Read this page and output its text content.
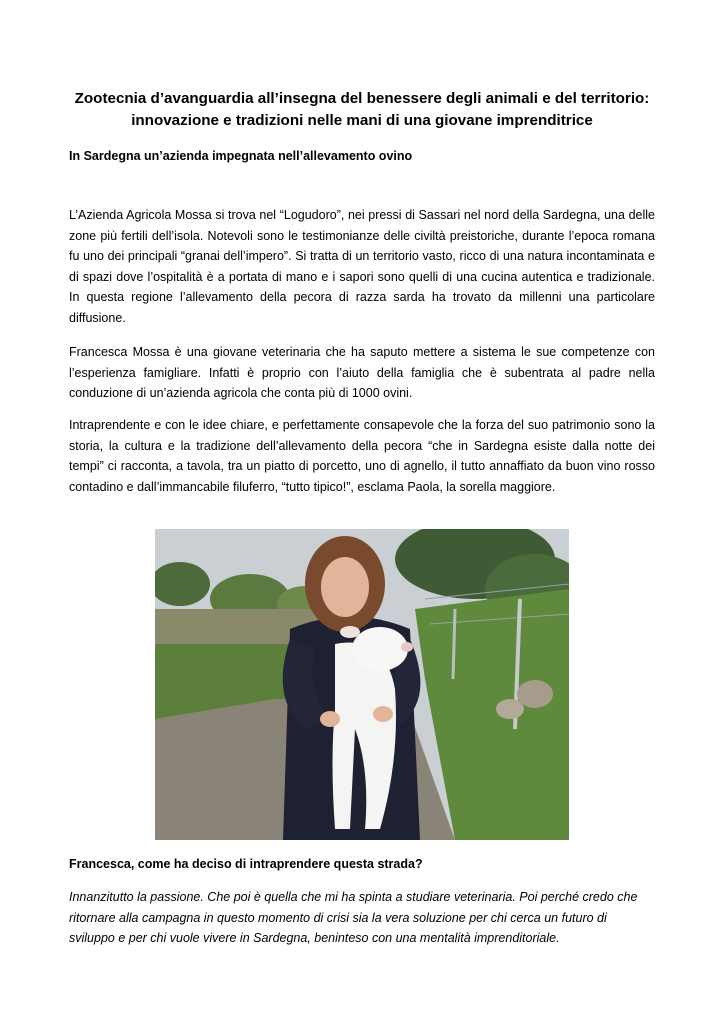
Zootecnia d’avanguardia all’insegna del benessere degli animali e del territorio:
innovazione e tradizioni nelle mani di una giovane imprenditrice
In Sardegna un’azienda impegnata nell’allevamento ovino

L’Azienda Agricola Mossa si trova nel “Logudoro”, nei pressi di Sassari nel nord della Sardegna, una delle zone più fertili dell’isola. Notevoli sono le testimonianze delle civiltà preistoriche, durante l’epoca romana fu uno dei principali “granai dell’impero”. Si tratta di un territorio vasto, ricco di una natura incontaminata e di spazi dove l’ospitalità è a portata di mano e i sapori sono quelli di una cucina autentica e tradizionale. In questa regione l’allevamento della pecora di razza sarda ha trovato da millenni una particolare diffusione.

Francesca Mossa è una giovane veterinaria che ha saputo mettere a sistema le sue competenze con l’esperienza famigliare. Infatti è proprio con l’aiuto della famiglia che è subentrata al padre nella conduzione di un’azienda agricola che conta più di 1000 ovini.

Intraprendente e con le idee chiare, e perfettamente consapevole che la forza del suo patrimonio sono la storia, la cultura e la tradizione dell’allevamento della pecora “che in Sardegna esiste dalla notte dei tempi” ci racconta, a tavola, tra un piatto di porcetto, uno di agnello, il tutto annaffiato da buon vino rosso contadino e dall’immancabile filuferro, “tutto tipico!”, esclama Paola, la sorella maggiore.

Francesca, come ha deciso di intraprendere questa strada?

Innanzitutto la passione. Che poi è quella che mi ha spinta a studiare veterinaria. Poi perché credo che ritornare alla campagna in questo momento di crisi sia la vera soluzione per chi cerca un futuro di sviluppo e per chi vuole vivere in Sardegna, beninteso con una mentalità imprenditoriale.
